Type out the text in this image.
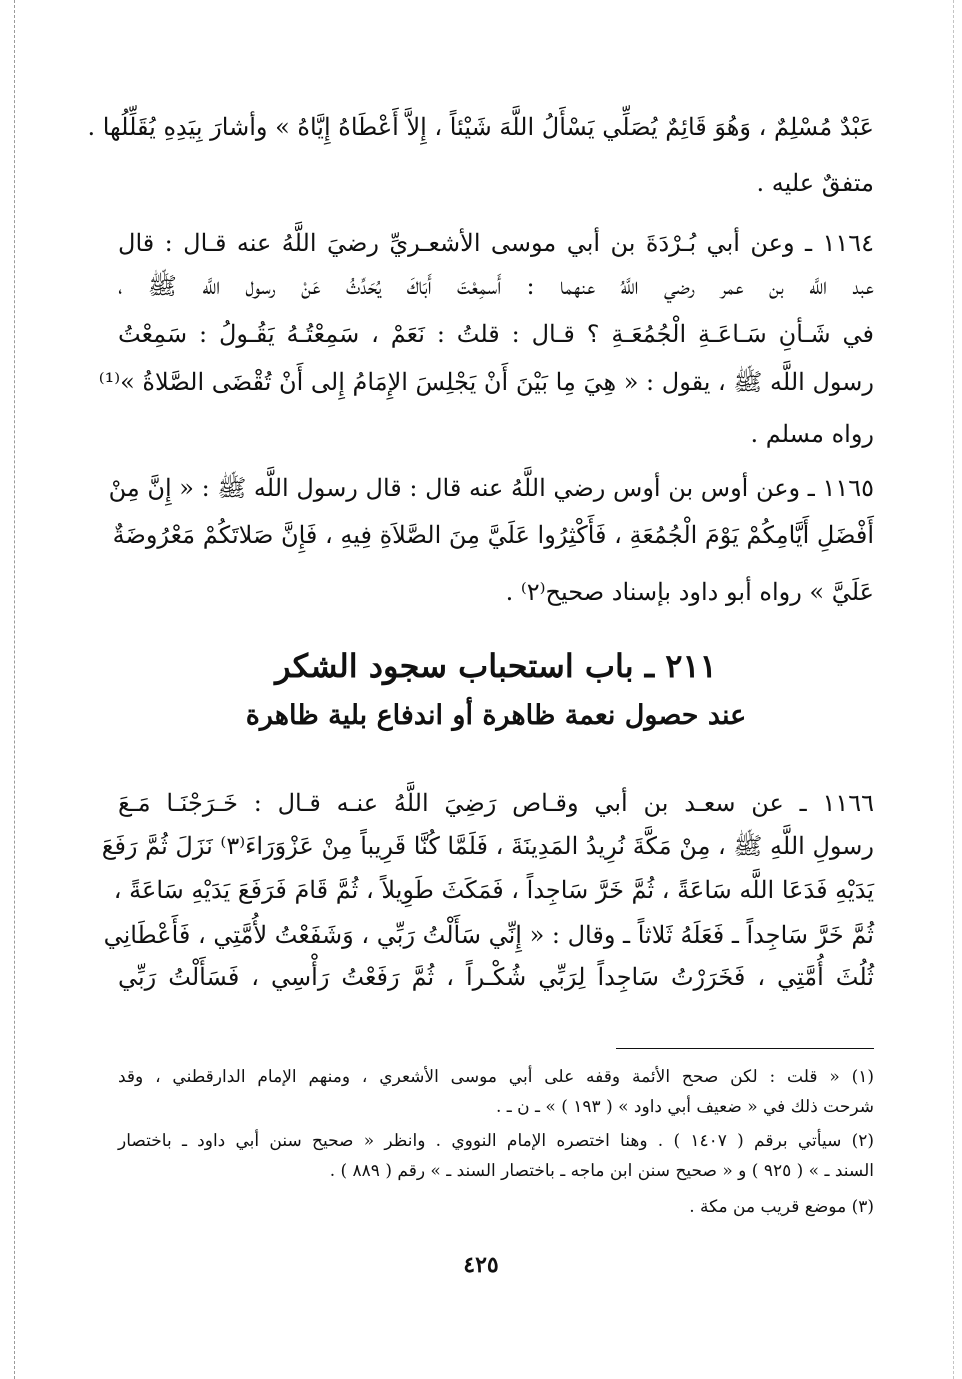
عَبْدٌ مُسْلِمٌ ، وَهُوَ قَائِمٌ يُصَلِّي يَسْأَلُ اللَّهَ شَيْئاً ، إِلاَّ أَعْطَاهُ إِيَّاهُ » وأشارَ بِيَدِهِ يُقَلِّلُها .
متفقٌ عليه .
١١٦٤ ـ وعن أبي بُـرْدَةَ بن أبي موسى الأشعـريِّ رضيَ اللَّهُ عنه قـال : قال
عبد اللَّه بن عمر رضي اللَّهُ عنهما : أَسمِعْتَ أَبَاكَ يُحَدِّثُ عَنْ رسول اللَّه ﷺ ،
في شَـأنِ سَـاعَـةِ الْجُمُعَـةِ ؟ قـال : قلتُ : نَعَمْ ، سَمِعْتُـهُ يَقُـولُ : سَمِعْتُ
رسول اللَّه ﷺ ، يقول : « هِيَ مِا بَيْنَ أَنْ يَجْلِسَ الإِمَامُ إِلى أَنْ تُقْضَى الصَّلاةُ »⁽¹⁾
رواه مسلم .
١١٦٥ ـ وعن أوس بن أوس رضي اللَّهُ عنه قال : قال رسول اللَّه ﷺ : « إِنَّ مِنْ
أَفْضَلِ أَيَّامِكُمْ يَوْمَ الْجُمُعَةِ ، فَأَكْثِرُوا عَلَيَّ مِنَ الصَّلاَةِ فِيهِ ، فَإِنَّ صَلاتَكُمْ مَعْرُوضَةٌ
عَلَيَّ » رواه أبو داود بإسناد صحيح⁽٢⁾ .
٢١١ ـ باب استحباب سجود الشكر
عند حصول نعمة ظاهرة أو اندفاع بلية ظاهرة
١١٦٦ ـ عن سعـد بن أبي وقـاص رَضِيَ اللَّهُ عنـه قـال : خَـرَجْنَـا مَـعَ
رسولِ اللَّهِ ﷺ ، مِنْ مَكَّةَ نُرِيدُ المَدِينَةَ ، فَلَمَّا كُنَّا قَرِيباً مِنْ عَزْوَرَاءَ⁽٣⁾ نَزَلَ ثُمَّ رَفَعَ
يَدَيْهِ فَدَعَا اللَّه سَاعَةً ، ثُمَّ خَرَّ سَاجِداً ، فَمَكَثَ طَوِيلاً ، ثُمَّ قَامَ فَرَفَعَ يَدَيْهِ سَاعَةً ،
ثُمَّ خَرَّ سَاجِداً ـ فَعَلَهُ ثَلاثاً ـ وقال : « إِنِّي سَأَلْتُ رَبِّي ، وَشَفَعْتُ لأُمَّتِي ، فَأَعْطَانِي
ثُلُثَ أُمَّتِي ، فَخَرَرْتُ سَاجِداً لِرَبِّي شُكْـراً ، ثُمَّ رَفَعْتُ رَأْسِي ، فَسَأَلْتُ رَبِّي
(١) « قلت : لكن صحح الأئمة وقفه على أبي موسى الأشعري ، ومنهم الإمام الدارقطني ، وقد
شرحت ذلك في « ضعيف أبي داود » ( ١٩٣ ) » ـ ن ـ .
(٢) سيأتي برقم ( ١٤٠٧ ) . وهنا اختصره الإمام النووي . وانظر « صحيح سنن أبي داود ـ باختصار
السند ـ » ( ٩٢٥ ) و « صحيح سنن ابن ماجه ـ باختصار السند ـ » رقم ( ٨٨٩ ) .
(٣) موضع قريب من مكة .
٤٢٥
